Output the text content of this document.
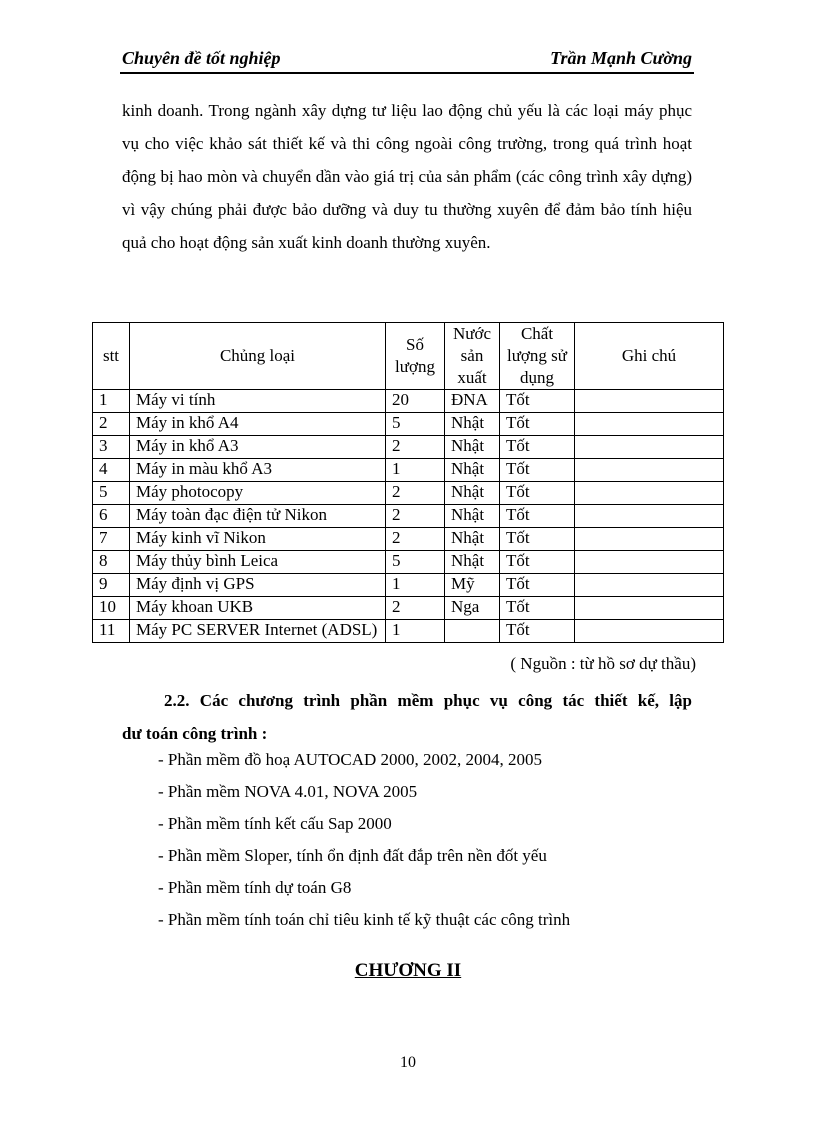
Chuyên đề tốt nghiệp	Trần Mạnh Cường

kinh doanh. Trong ngành xây dựng tư liệu lao động chủ yếu là các loại máy phục vụ cho việc khảo sát thiết kế và thi công ngoài công trường, trong quá trình hoạt động bị hao mòn và chuyển dần vào giá trị của sản phẩm (các công trình xây dựng) vì vậy chúng phải được bảo dưỡng và duy tu thường xuyên để đảm bảo tính hiệu quả cho hoạt động sản xuất kinh doanh thường xuyên.

stt	Chủng loại	Số lượng	Nước sản xuất	Chất lượng sử dụng	Ghi chú
1	Máy vi tính	20	ĐNA	Tốt	
2	Máy in khổ A4	5	Nhật	Tốt	
3	Máy in khổ A3	2	Nhật	Tốt	
4	Máy in màu khổ A3	1	Nhật	Tốt	
5	Máy photocopy	2	Nhật	Tốt	
6	Máy toàn đạc điện tử Nikon	2	Nhật	Tốt	
7	Máy kinh vĩ Nikon	2	Nhật	Tốt	
8	Máy thủy bình Leica	5	Nhật	Tốt	
9	Máy định vị GPS	1	Mỹ	Tốt	
10	Máy khoan UKB	2	Nga	Tốt	
11	Máy PC SERVER Internet (ADSL)	1		Tốt	
( Nguồn : từ hồ sơ dự thầu)
2.2. Các chương trình phần mềm phục vụ công tác thiết kế, lập
dư toán công trình :
- Phần mềm đồ hoạ AUTOCAD 2000, 2002, 2004, 2005
- Phần mềm NOVA 4.01, NOVA 2005
- Phần mềm tính kết cấu Sap 2000
- Phần mềm Sloper, tính ổn định đất đắp trên nền đốt yếu
- Phần mềm tính dự toán G8
- Phần mềm tính toán chỉ tiêu kinh tế kỹ thuật các công trình
CHƯƠNG II
10
